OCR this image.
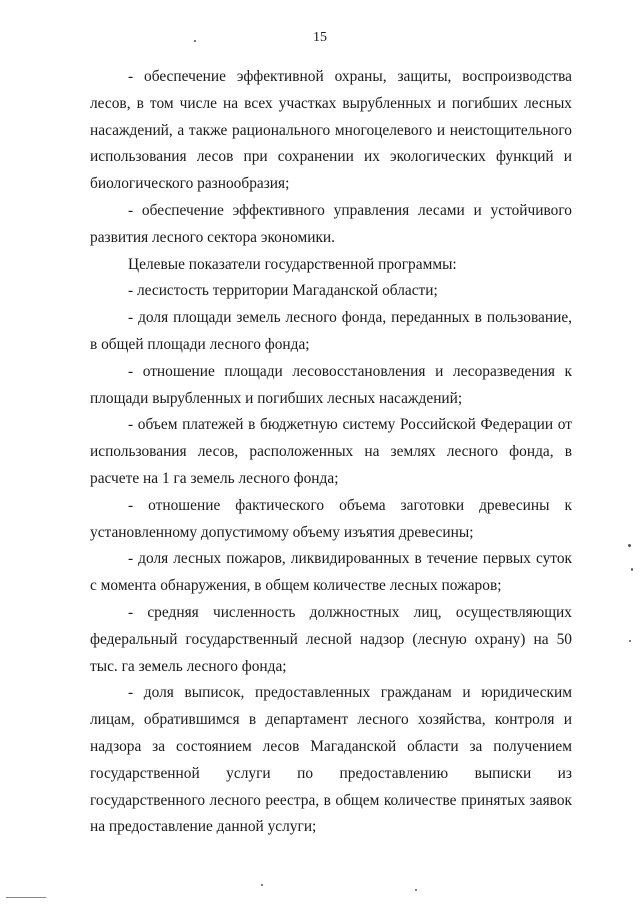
15

- обеспечение эффективной охраны, защиты, воспроизводства лесов, в том числе на всех участках вырубленных и погибших лесных насаждений, а также рационального многоцелевого и неистощительного использования лесов при сохранении их экологических функций и биологического разнообразия;

- обеспечение эффективного управления лесами и устойчивого развития лесного сектора экономики.

Целевые показатели государственной программы:

- лесистость территории Магаданской области;

- доля площади земель лесного фонда, переданных в пользование, в общей площади лесного фонда;

- отношение площади лесовосстановления и лесоразведения к площади вырубленных и погибших лесных насаждений;

- объем платежей в бюджетную систему Российской Федерации от использования лесов, расположенных на землях лесного фонда, в расчете на 1 га земель лесного фонда;

- отношение фактического объема заготовки древесины к установленному допустимому объему изъятия древесины;

- доля лесных пожаров, ликвидированных в течение первых суток с момента обнаружения, в общем количестве лесных пожаров;

- средняя численность должностных лиц, осуществляющих федеральный государственный лесной надзор (лесную охрану) на 50 тыс. га земель лесного фонда;

- доля выписок, предоставленных гражданам и юридическим лицам, обратившимся в департамент лесного хозяйства, контроля и надзора за состоянием лесов Магаданской области за получением государственной услуги по предоставлению выписки из государственного лесного реестра, в общем количестве принятых заявок на предоставление данной услуги;
